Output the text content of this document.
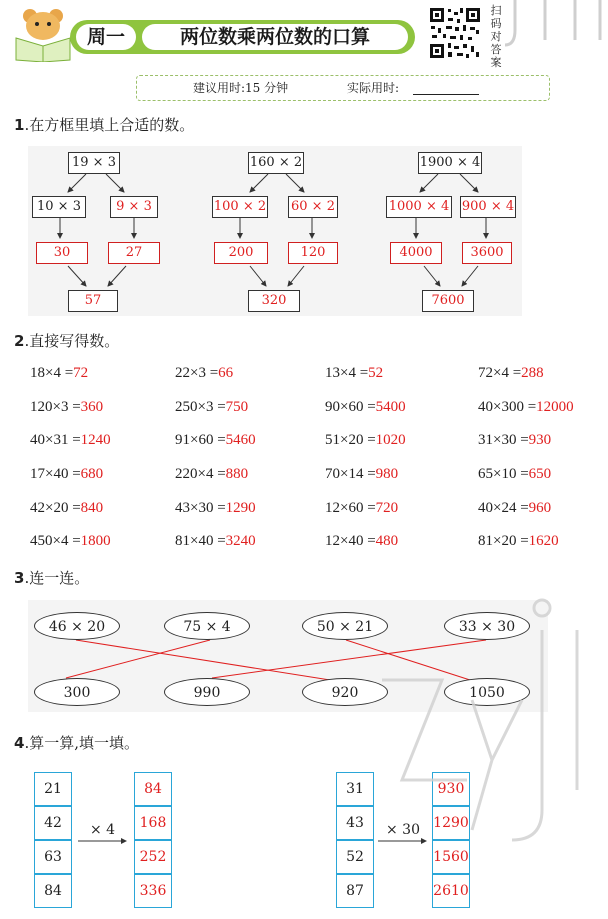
周一	两位数乘两位数的口算
扫
码
对
答
案
建议用时:15 分钟	实际用时:
1.在方框里填上合适的数。
19 × 3
10 × 3	9 × 3
30	27
57
160 × 2
100 × 2 60 × 2
200	120
320
1900 × 4
1000 × 4 900 × 4
4000	3600
7600
2.直接写得数。
18×4 =72	22×3 =66	13×4 =52	72×4 =288
120×3 =360	250×3 =750	90×60 =5400	40×300 =12000
40×31 =1240	91×60 =5460	51×20 =1020	31×30 =930
17×40 =680	220×4 =880	70×14 =980	65×10 =650
42×20 =840	43×30 =1290	12×60 =720	40×24 =960
450×4 =1800	81×40 =3240	12×40 =480	81×20 =1620
3.连一连。
46 × 20	75 × 4	50 × 21	33 × 30
300	990	920	1050
4.算一算,填一填。
21
42
63
84
× 4
84
168
252
336
31
43
52
87
× 30
930
1290
1560
2610
